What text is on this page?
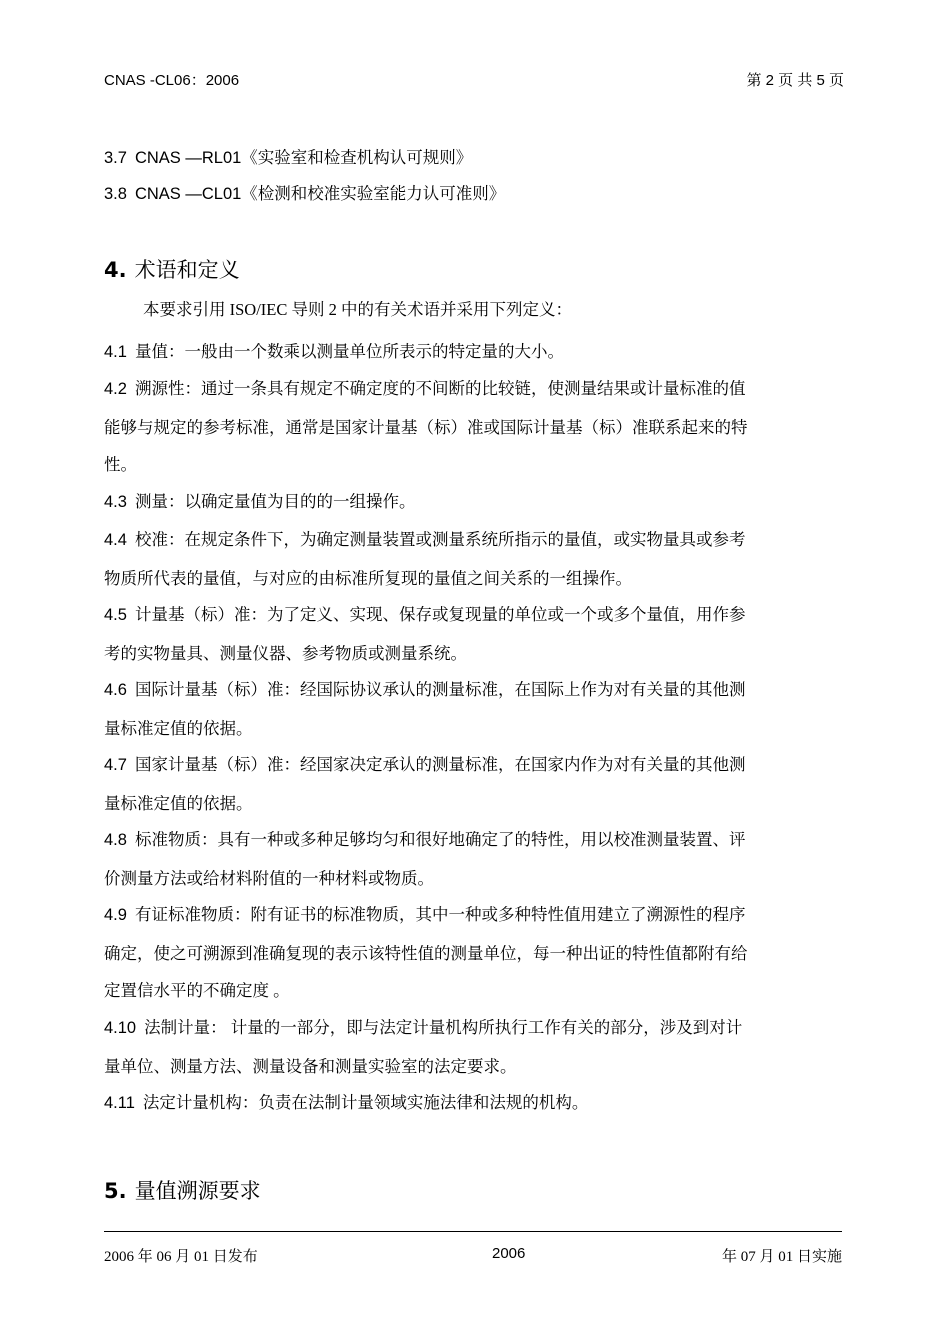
CNAS -CL06：2006	第 2 页 共 5 页
3.7 CNAS —RL01《实验室和检查机构认可规则》
3.8 CNAS —CL01《检测和校准实验室能力认可准则》
4. 术语和定义
本要求引用 ISO/IEC 导则 2 中的有关术语并采用下列定义：
4.1 量值：一般由一个数乘以测量单位所表示的特定量的大小。
4.2 溯源性：通过一条具有规定不确定度的不间断的比较链，使测量结果或计量标准的值
能够与规定的参考标准，通常是国家计量基（标）准或国际计量基（标）准联系起来的特
性。
4.3 测量：以确定量值为目的的一组操作。
4.4 校准：在规定条件下，为确定测量装置或测量系统所指示的量值，或实物量具或参考
物质所代表的量值，与对应的由标准所复现的量值之间关系的一组操作。
4.5 计量基（标）准：为了定义、实现、保存或复现量的单位或一个或多个量值，用作参
考的实物量具、测量仪器、参考物质或测量系统。
4.6 国际计量基（标）准：经国际协议承认的测量标准，在国际上作为对有关量的其他测
量标准定值的依据。
4.7 国家计量基（标）准：经国家决定承认的测量标准，在国家内作为对有关量的其他测
量标准定值的依据。
4.8 标准物质：具有一种或多种足够均匀和很好地确定了的特性，用以校准测量装置、评
价测量方法或给材料附值的一种材料或物质。
4.9 有证标准物质：附有证书的标准物质，其中一种或多种特性值用建立了溯源性的程序
确定，使之可溯源到准确复现的表示该特性值的测量单位，每一种出证的特性值都附有给
定置信水平的不确定度 。
4.10 法制计量： 计量的一部分，即与法定计量机构所执行工作有关的部分，涉及到对计
量单位、测量方法、测量设备和测量实验室的法定要求。
4.11 法定计量机构：负责在法制计量领域实施法律和法规的机构。
5. 量值溯源要求
2006 年 06 月 01 日发布	2006	年 07 月 01 日实施
